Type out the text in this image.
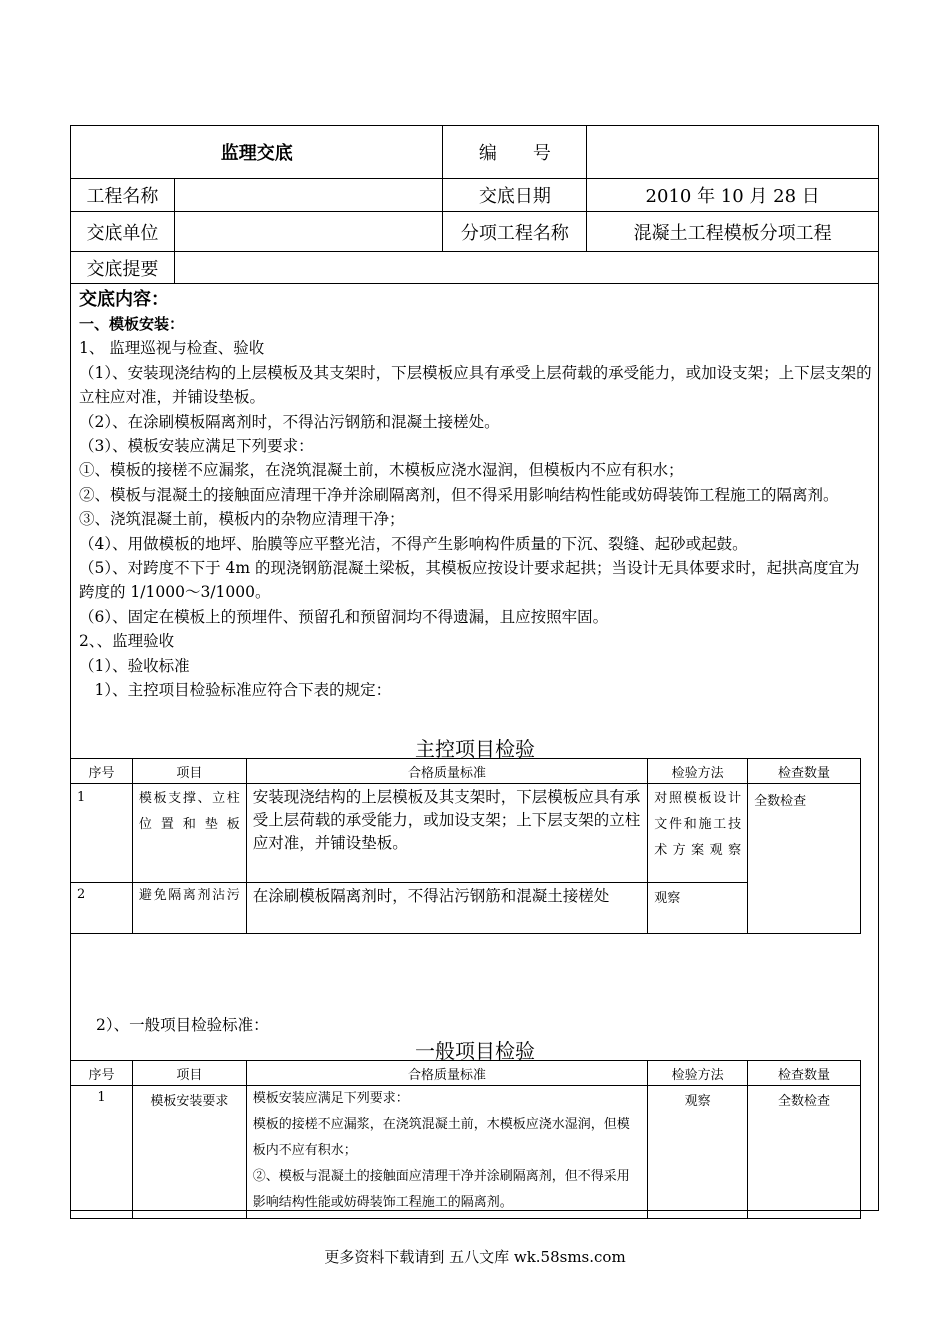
监理交底		编　　号	
工程名称		交底日期	2010 年 10 月 28 日
交底单位		分项工程名称	混凝土工程模板分项工程
交底提要			

交底内容：

一、模板安装：

1、 监理巡视与检查、验收

（1）、安装现浇结构的上层模板及其支架时，下层模板应具有承受上层荷载的承受能力，或加设支架；上下层支架的立柱应对准，并铺设垫板。

（2）、在涂刷模板隔离剂时，不得沾污钢筋和混凝土接槎处。

（3）、模板安装应满足下列要求：

①、模板的接槎不应漏浆，在浇筑混凝土前，木模板应浇水湿润，但模板内不应有积水；

②、模板与混凝土的接触面应清理干净并涂刷隔离剂，但不得采用影响结构性能或妨碍装饰工程施工的隔离剂。

③、浇筑混凝土前，模板内的杂物应清理干净；

（4）、用做模板的地坪、胎膜等应平整光洁，不得产生影响构件质量的下沉、裂缝、起砂或起鼓。

（5）、对跨度不下于 4m 的现浇钢筋混凝土梁板，其模板应按设计要求起拱；当设计无具体要求时，起拱高度宜为跨度的 1/1000～3/1000。

（6）、固定在模板上的预埋件、预留孔和预留洞均不得遗漏，且应按照牢固。

2、、监理验收

（1）、验收标准

　1）、主控项目检验标准应符合下表的规定：

主控项目检验
序号	项目	合格质量标准	检验方法	检查数量
1	模板支撑、立柱位置和垫板	安装现浇结构的上层模板及其支架时，下层模板应具有承受上层荷载的承受能力，或加设支架；上下层支架的立柱应对准，并铺设垫板。	对照模板设计文件和施工技术方案观察	全数检查
2	避免隔离剂沾污	在涂刷模板隔离剂时，不得沾污钢筋和混凝土接槎处	观察	
2）、一般项目检验标准：
一般项目检验
序号	项目	合格质量标准	检验方法	检查数量
1	模板安装要求	模板安装应满足下列要求：
模板的接槎不应漏浆，在浇筑混凝土前，木模板应浇水湿润，但模板内不应有积水；
②、模板与混凝土的接触面应清理干净并涂刷隔离剂，但不得采用影响结构性能或妨碍装饰工程施工的隔离剂。	观察	全数检查
更多资料下载请到 五八文库 wk.58sms.com
